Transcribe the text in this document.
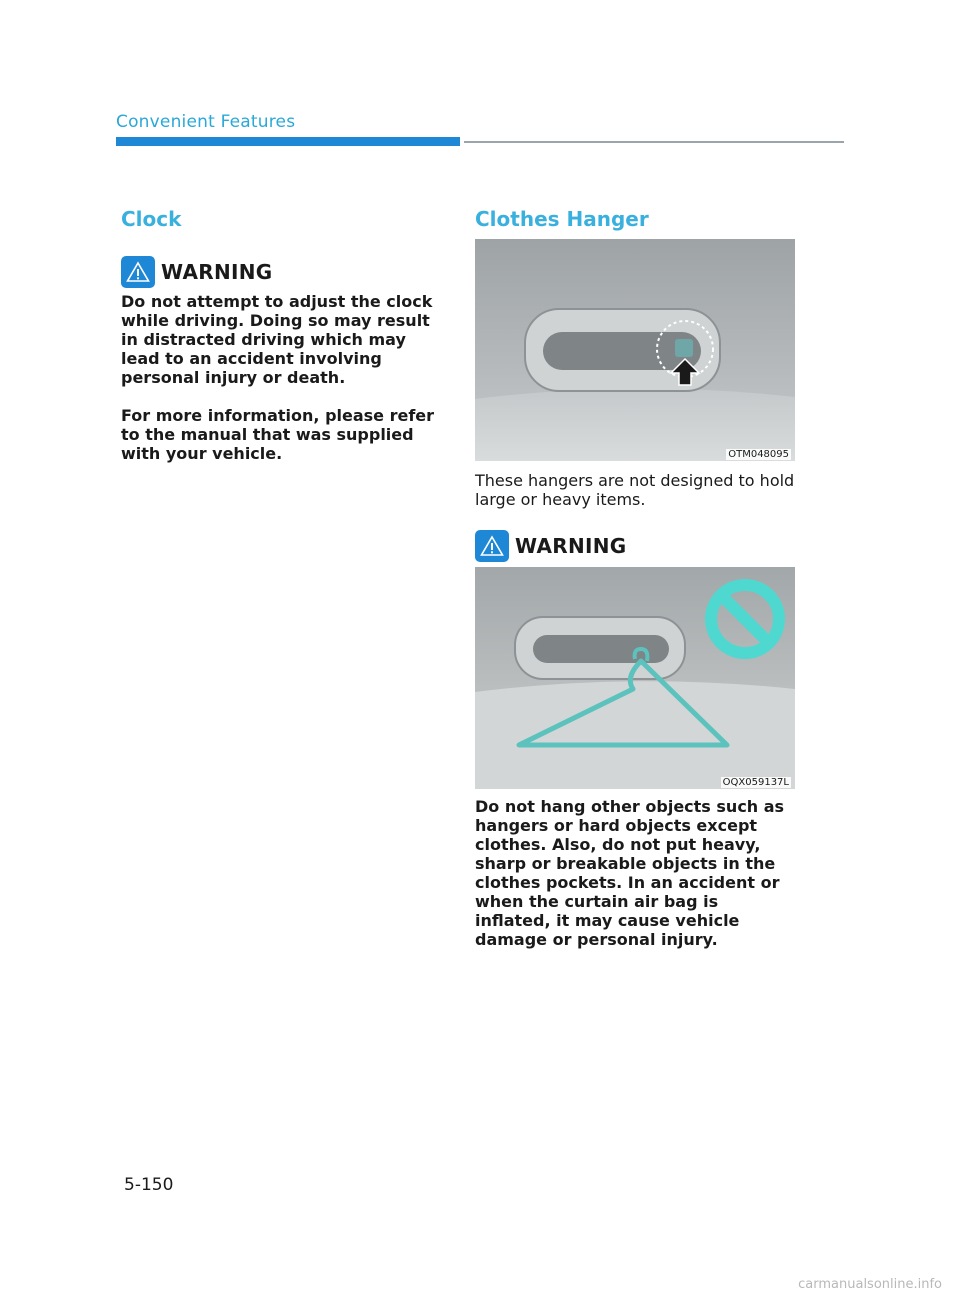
Convenient Features
Clock
WARNING
Do not attempt to adjust the clock while driving. Doing so may result in distracted driving which may lead to an accident involving personal injury or death.
For more information, please refer to the manual that was supplied with your vehicle.
Clothes Hanger
OTM048095
These hangers are not designed to hold large or heavy items.
WARNING
OQX059137L
Do not hang other objects such as hangers or hard objects except clothes. Also, do not put heavy, sharp or breakable objects in the clothes pockets. In an accident or when the curtain air bag is inflated, it may cause vehicle damage or personal injury.
5-150
carmanualsonline.info
